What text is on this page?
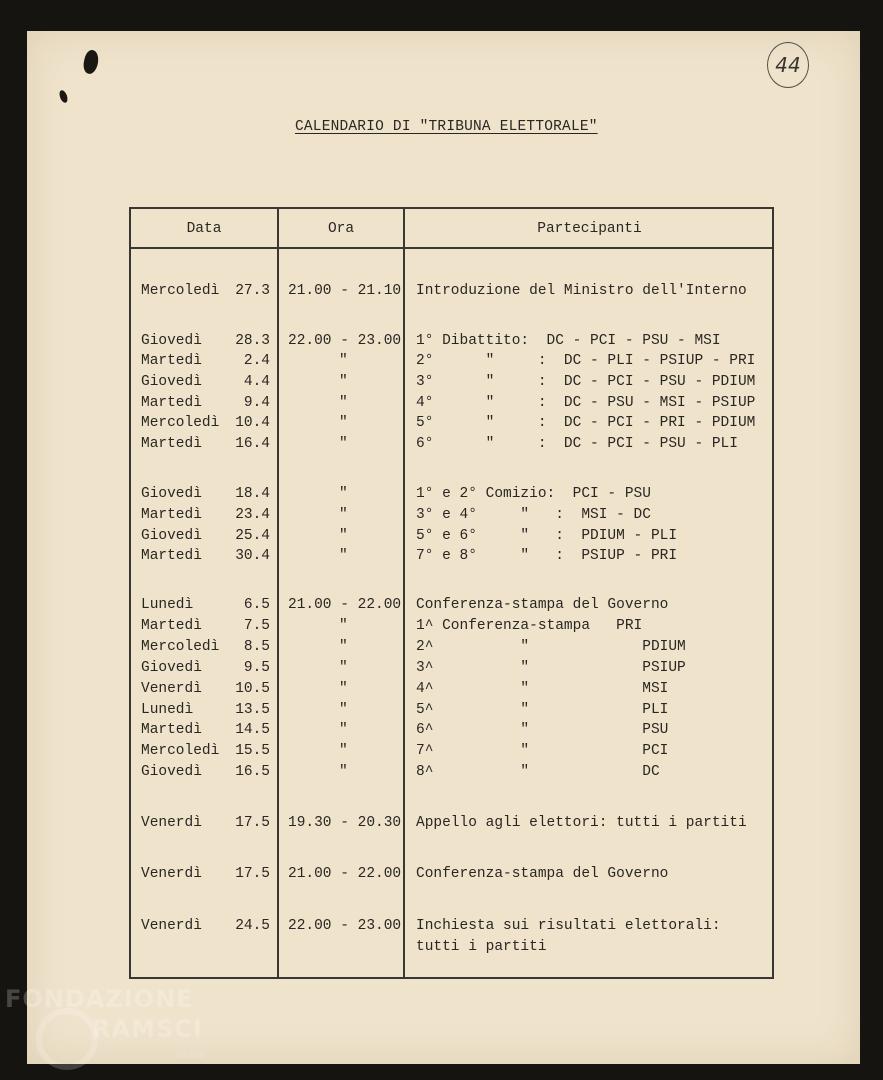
44
CALENDARIO DI "TRIBUNA ELETTORALE"
Data	Ora	Partecipanti
Mercoledì	27.3 21.00 - 21.10 Introduzione del Ministro dell'Interno
Giovedì	28.3 22.00 - 23.00 1° Dibattito:  DC - PCI - PSU - MSI
Martedì	2.4	"	2°      "     :  DC - PLI - PSIUP - PRI
Giovedì	4.4	"	3°      "     :  DC - PCI - PSU - PDIUM
Martedì	9.4	"	4°      "     :  DC - PSU - MSI - PSIUP
Mercoledì	10.4	"	5°      "     :  DC - PCI - PRI - PDIUM
Martedì	16.4	"	6°      "     :  DC - PCI - PSU - PLI
Giovedì	18.4	"	1° e 2° Comizio:  PCI - PSU
Martedì	23.4	"	3° e 4°     "   :  MSI - DC
Giovedì	25.4	"	5° e 6°     "   :  PDIUM - PLI
Martedì	30.4	"	7° e 8°     "   :  PSIUP - PRI
Lunedì	6.5 21.00 - 22.00 Conferenza-stampa del Governo
Martedì	7.5	"	1^ Conferenza-stampa   PRI
Mercoledì	8.5	"	2^          "             PDIUM
Giovedì	9.5	"	3^          "             PSIUP
Venerdì	10.5	"	4^          "             MSI
Lunedì	13.5	"	5^          "             PLI
Martedì	14.5	"	6^          "             PSU
Mercoledì	15.5	"	7^          "             PCI
Giovedì	16.5	"	8^          "             DC
Venerdì	17.5 19.30 - 20.30 Appello agli elettori: tutti i partiti
Venerdì	17.5 21.00 - 22.00 Conferenza-stampa del Governo
Venerdì	24.5 22.00 - 23.00 Inchiesta sui risultati elettorali:
tutti i partiti
FONDAZIONE
RAMSCI
onlus
